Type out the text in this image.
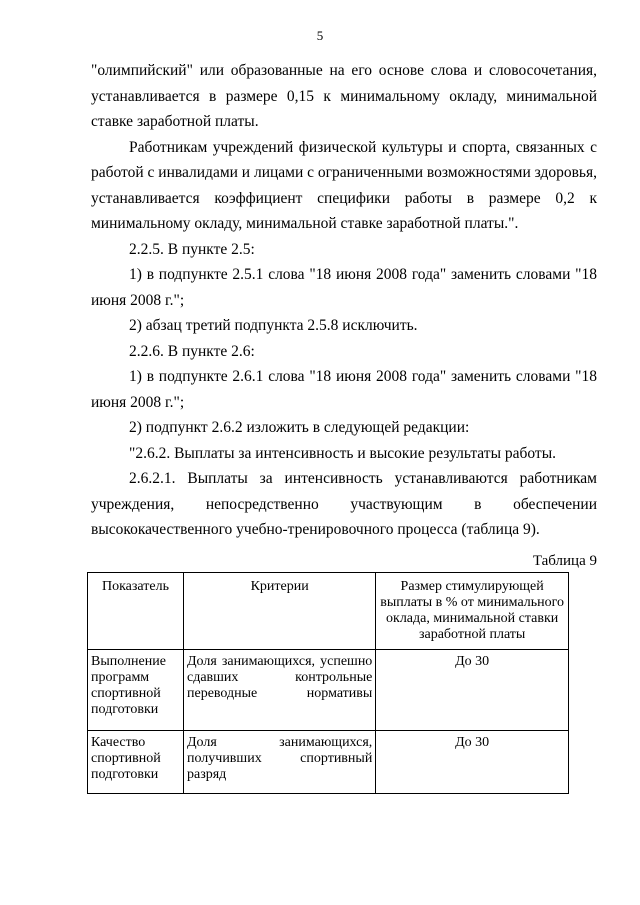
5

"олимпийский" или образованные на его основе слова и словосочетания, устанавливается в размере 0,15 к минимальному окладу, минимальной ставке заработной платы.

Работникам учреждений физической культуры и спорта, связанных с работой с инвалидами и лицами с ограниченными возможностями здоровья, устанавливается коэффициент специфики работы в размере 0,2 к минимальному окладу, минимальной ставке заработной платы.".

2.2.5. В пункте 2.5:

1) в подпункте 2.5.1 слова "18 июня 2008 года" заменить словами "18 июня 2008 г.";

2) абзац третий подпункта 2.5.8 исключить.

2.2.6. В пункте 2.6:

1) в подпункте 2.6.1 слова "18 июня 2008 года" заменить словами "18 июня 2008 г.";

2) подпункт 2.6.2 изложить в следующей редакции:

"2.6.2. Выплаты за интенсивность и высокие результаты работы.

2.6.2.1. Выплаты за интенсивность устанавливаются работникам учреждения, непосредственно участвующим в обеспечении высококачественного учебно-тренировочного процесса (таблица 9).

Таблица 9
Показатель	Критерии	Размер стимулирующей выплаты в % от минимального оклада, минимальной ставки заработной платы
Выполнение программ спортивной подготовки	Доля занимающихся, успешно сдавших контрольные переводные нормативы	До 30
Качество спортивной подготовки	Доля занимающихся, получивших спортивный разряд	До 30
